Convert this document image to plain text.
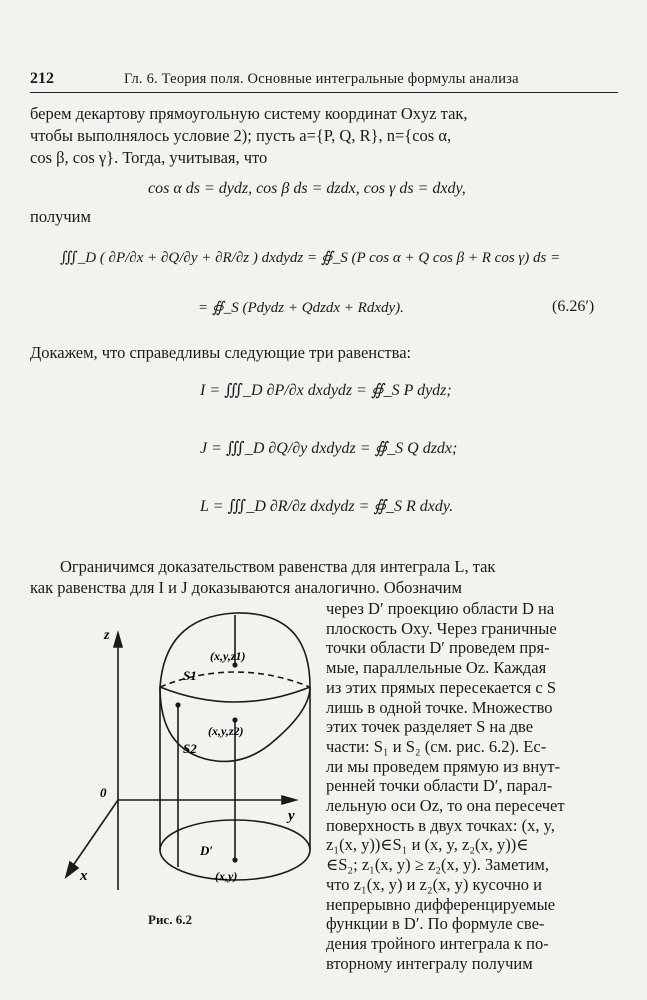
212	Гл. 6. Теория поля. Основные интегральные формулы анализа
берем декартову прямоугольную систему координат Oxyz так,
чтобы выполнялось условие 2); пусть a={P, Q, R}, n={cos α,
cos β, cos γ}. Тогда, учитывая, что
cos α ds = dydz, cos β ds = dzdx, cos γ ds = dxdy,
получим
∭_D ( ∂P/∂x + ∂Q/∂y + ∂R/∂z ) dxdydz = ∯_S (P cos α + Q cos β + R cos γ) ds =
= ∯_S (Pdydz + Qdzdx + Rdxdy).	(6.26′)
Докажем, что справедливы следующие три равенства:
I = ∭_D ∂P/∂x dxdydz = ∯_S P dydz;
J = ∭_D ∂Q/∂y dxdydz = ∯_S Q dzdx;
L = ∭_D ∂R/∂z dxdydz = ∯_S R dxdy.
Ограничимся доказательством равенства для интеграла L, так
как равенства для I и J доказываются аналогично. Обозначим
через D′ проекцию области D на
плоскость Oxy. Через граничные
точки области D′ проведем пря-
мые, параллельные Oz. Каждая
из этих прямых пересекается с S
лишь в одной точке. Множество
этих точек разделяет S на две
части: S₁ и S₂ (см. рис. 6.2). Ес-
ли мы проведем прямую из внут-
ренней точки области D′, парал-
лельную оси Oz, то она пересечет
поверхность в двух точках: (x, y,
z₁(x, y))∈S₁ и (x, y, z₂(x, y))∈
∈S₂; z₁(x, y) ≥ z₂(x, y). Заметим,
что z₁(x, y) и z₂(x, y) кусочно и
непрерывно дифференцируемые
функции в D′. По формуле све-
дения тройного интеграла к по-
вторному интегралу получим
z
y
x
0
S1
S2
D′
(x,y,z1)
(x,y,z2)
(x,y)
Рис. 6.2
